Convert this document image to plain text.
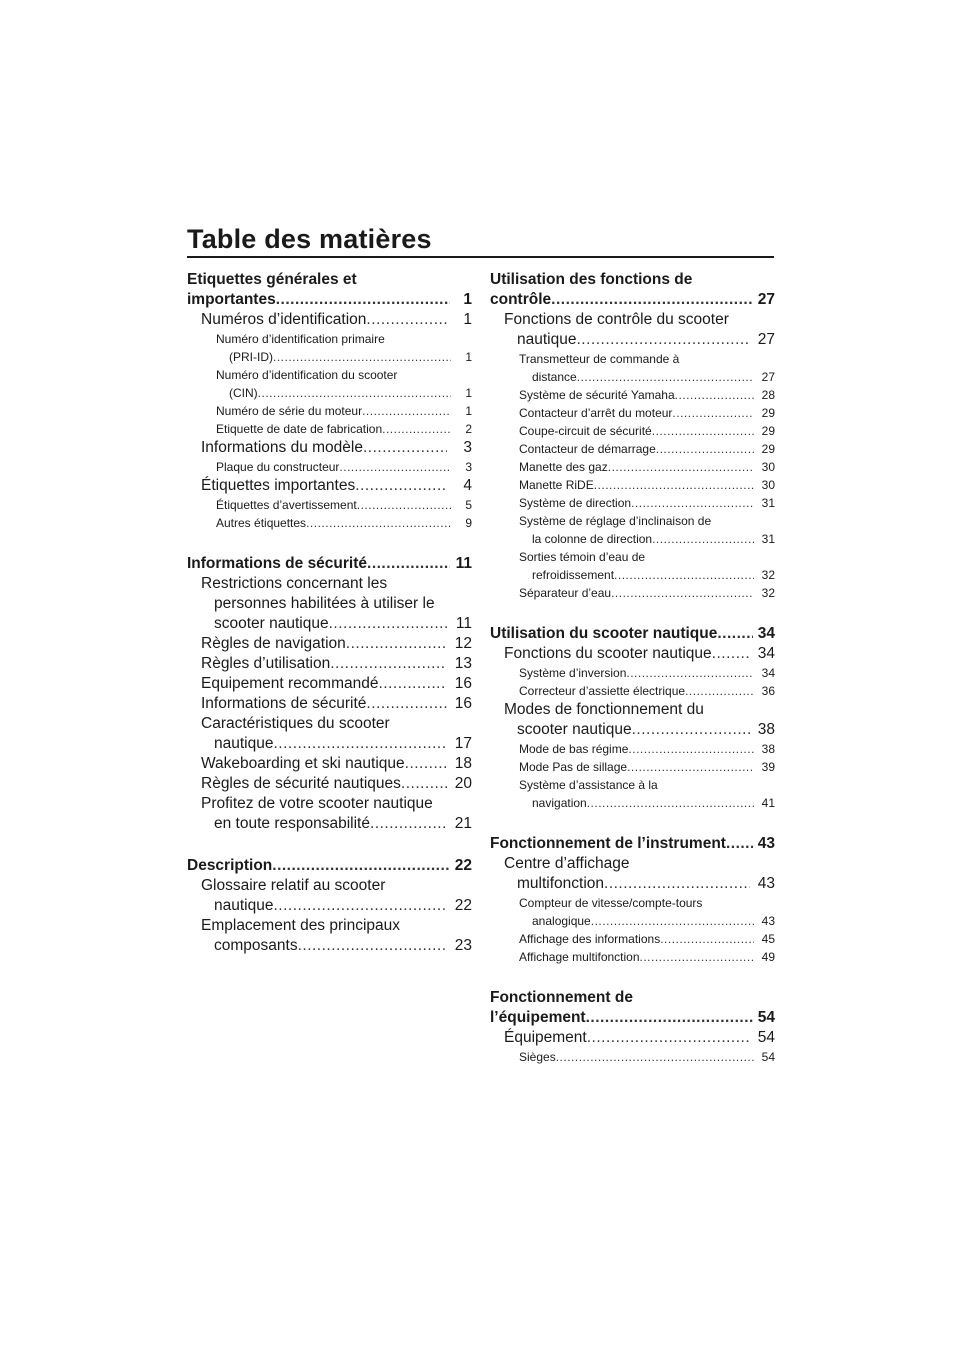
Table des matières
Etiquettes générales et
importantes .....	1
Numéros d’identification .....	1
Numéro d’identification primaire
(PRI-ID) .....	1
Numéro d’identification du scooter
(CIN) .....	1
Numéro de série du moteur .....	1
Etiquette de date de fabrication .....	2
Informations du modèle .....	3
Plaque du constructeur .....	3
Étiquettes importantes .....	4
Étiquettes d’avertissement .....	5
Autres étiquettes .....	9
Informations de sécurité .....	11
Restrictions concernant les
personnes habilitées à utiliser le
scooter nautique .....	11
Règles de navigation .....	12
Règles d’utilisation .....	13
Equipement recommandé .....	16
Informations de sécurité .....	16
Caractéristiques du scooter
nautique .....	17
Wakeboarding et ski nautique .....	18
Règles de sécurité nautiques .....	20
Profitez de votre scooter nautique
en toute responsabilité .....	21
Description .....	22
Glossaire relatif au scooter
nautique .....	22
Emplacement des principaux
composants .....	23
Utilisation des fonctions de
contrôle .....	27
Fonctions de contrôle du scooter
nautique .....	27
Transmetteur de commande à
distance .....	27
Système de sécurité Yamaha .....	28
Contacteur d’arrêt du moteur .....	29
Coupe-circuit de sécurité .....	29
Contacteur de démarrage .....	29
Manette des gaz .....	30
Manette RiDE .....	30
Système de direction .....	31
Système de réglage d’inclinaison de
la colonne de direction .....	31
Sorties témoin d’eau de
refroidissement .....	32
Séparateur d’eau .....	32
Utilisation du scooter nautique .....	34
Fonctions du scooter nautique .....	34
Système d’inversion .....	34
Correcteur d’assiette électrique .....	36
Modes de fonctionnement du
scooter nautique .....	38
Mode de bas régime .....	38
Mode Pas de sillage .....	39
Système d’assistance à la
navigation .....	41
Fonctionnement de l’instrument .....	43
Centre d’affichage
multifonction .....	43
Compteur de vitesse/compte-tours
analogique .....	43
Affichage des informations .....	45
Affichage multifonction .....	49
Fonctionnement de
l’équipement .....	54
Équipement .....	54
Sièges .....	54
